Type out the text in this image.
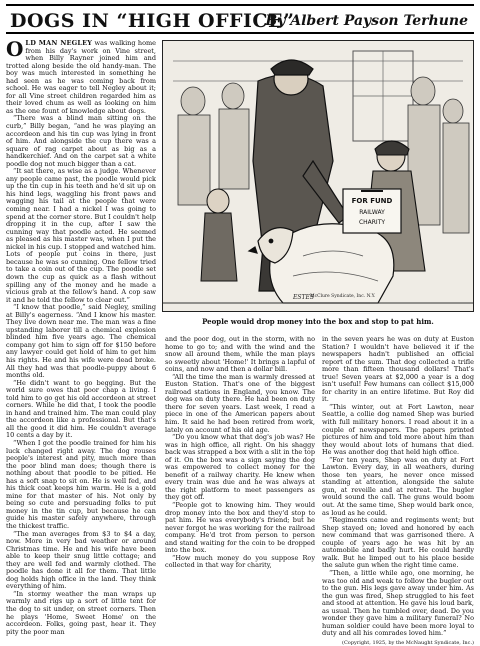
DOGS IN “HIGH OFFICE”
By Albert Payson Terhune

OLD MAN NEGLEY was walking home from his day's work on Vine street, when Billy Rayner joined him and trotted along beside the old handy-man. The boy was much interested in something he had seen as he was coming back from school. He was eager to tell Negley about it; for all Vine street children regarded him as their loved chum as well as looking on him as the one fount of knowledge about dogs.

“There was a blind man sitting on the curb,” Billy began, “and he was playing an accordeon and his tin cup was lying in front of him. And alongside the cup there was a square of rag carpet about as big as a handkerchief. And on the carpet sat a white poodle dog not much bigger than a cat.

“It sat there, as wise as a judge. Whenever any people came past, the poodle would pick up the tin cup in his teeth and he'd sit up on his hind legs, waggling his front paws and wagging his tail at the people that were coming near. I had a nickel I was going to spend at the corner store. But I couldn't help dropping it in the cup, after I saw the cunning way that poodle acted. He seemed as pleased as his master was, when I put the nickel in his cup. I stopped and watched him. Lots of people put coins in there, just because he was so cunning. One fellow tried to take a coin out of the cup. The poodle set down the cup as quick as a flash without spilling any of the money and he made a vicious grab at the fellow's hand. A cop saw it and he told the fellow to clear out.”

“I know that poodle,” said Negley, smiling at Billy's eagerness. “And I know his master. They live down near me. The man was a fine upstanding laborer till a chemical explosion blinded him five years ago. The chemical company got him to sign off for $150 before any lawyer could get hold of him to get him his rights. He and his wife were dead broke. All they had was that poodle-puppy about 6 months old.

“He didn't want to go begging. But the world sure owes that poor chap a living. I told him to go get his old accordeon at street corners. While he did that, I took the poodle in hand and trained him. The man could play the accordeon like a professional. But that's all the good it did him. He couldn't average 10 cents a day by it.

“When I got the poodle trained for him his luck changed right away. The dog rouses people's interest and pity, much more than the poor blind man does; though there is nothing about that poodle to be pitied. He has a soft snap to sit on. He is well fed, and his thick coat keeps him warm. He is a gold mine for that master of his. Not only by being so cute and persuading folks to put money in the tin cup, but because he can guide his master safely anywhere, through the thickest traffic.

“The man averages from $3 to $4 a day, now. More in very bad weather or around Christmas time. He and his wife have been able to keep their snug little cottage; and they are well fed and warmly clothed. The poodle has done it all for them. That little dog holds high office in the land. They think everything of him.

“In stormy weather the man wraps up warmly and rigs up a sort of little tent for the dog to sit under, on street corners. Then he plays 'Home, Sweet Home' on the accordeon. Folks, going past, hear it. They pity the poor man

FOR FUND
RAILWAY
CHARITY
ESTES
McClure Syndicate, Inc. N.Y.
People would drop money into the box and stop to pat him.

and the poor dog, out in the storm, with no home to go to; and with the wind and the snow all around them, while the man plays so sweetly about 'Home!' It brings a lapful of coins, and now and then a dollar bill.

“All the time the man is warmly dressed at Euston Station. That's one of the biggest railroad stations in England, you know. The dog was on duty there. He had been on duty there for seven years. Last week, I read a piece in one of the American papers about him. It said he had been retired from work, lately on account of his old age.

“Do you know what that dog's job was? He was in high office, all right. On his shaggy back was strapped a box with a slit in the top of it. On the box was a sign saying the dog was empowered to collect money for the benefit of a railway charity. He knew when every train was due and he was always at the right platform to meet passengers as they got off.

“People got to knowing him. They would drop money into the box and they'd stop to pat him. He was everybody's friend; but he never forgot he was working for the railroad company. He'd trot from person to person and stand waiting for the coin to be dropped into the box.

“How much money do you suppose Roy collected in that way for charity,

in the seven years he was on duty at Euston Station? I wouldn't have believed it if the newspapers hadn't published an official report of the sum. That dog collected a trifle more than fifteen thousand dollars! That's true! Seven years at $2,000 a year is a dog isn't useful! Few humans can collect $15,000 for charity in an entire lifetime. But Roy did it.

“This winter, out at Fort Lawton, near Seattle, a collie dog named Shep was buried with full military honors. I read about it in a couple of newspapers. The papers printed pictures of him and told more about him than they would about lots of humans that died. He was another dog that held high office.

“For ten years, Shep was on duty at Fort Lawton. Every day, in all weathers, during those ten years, he never once missed standing at attention, alongside the salute gun, at reveille and at retreat. The bugler would sound the call. The guns would boom out. At the same time, Shep would bark once, as loud as he could.

“Regiments came and regiments went; but Shep stayed on; loved and honored by each new command that was garrisoned there. A couple of years ago he was hit by an automobile and badly hurt. He could hardly walk. But he limped out to his place beside the salute gun when the right time came.

“Then, a little while ago, one morning, he was too old and weak to follow the bugler out to the gun. His legs gave away under him. As the gun was fired, Shep struggled to his feet and stood at attention. He gave his loud bark, as usual. Then he tumbled over, dead. Do you wonder they gave him a military funeral? No human soldier could have been more loyal to duty and all his comrades loved him.”

(Copyright, 1925, by the McNaught Syndicate, Inc.)
